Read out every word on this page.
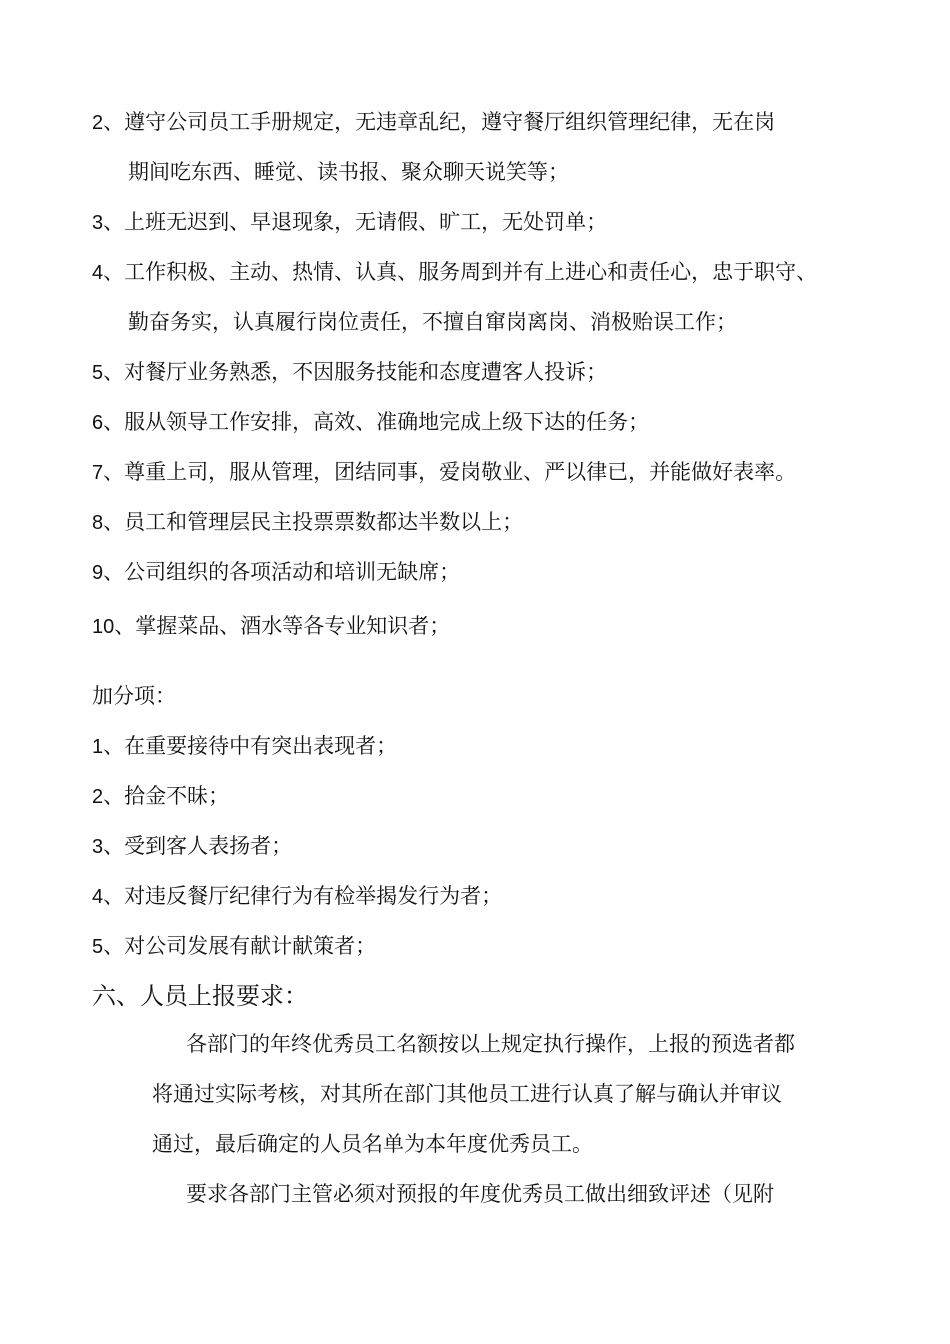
2、遵守公司员工手册规定，无违章乱纪，遵守餐厅组织管理纪律，无在岗
期间吃东西、睡觉、读书报、聚众聊天说笑等；
3、上班无迟到、早退现象，无请假、旷工，无处罚单；
4、工作积极、主动、热情、认真、服务周到并有上进心和责任心，忠于职守、
勤奋务实，认真履行岗位责任，不擅自窜岗离岗、消极贻误工作；
5、对餐厅业务熟悉，不因服务技能和态度遭客人投诉；
6、服从领导工作安排，高效、准确地完成上级下达的任务；
7、尊重上司，服从管理，团结同事，爱岗敬业、严以律已，并能做好表率。
8、员工和管理层民主投票票数都达半数以上；
9、公司组织的各项活动和培训无缺席；
10、掌握菜品、酒水等各专业知识者；
加分项：
1、在重要接待中有突出表现者；
2、拾金不昧；
3、受到客人表扬者；
4、对违反餐厅纪律行为有检举揭发行为者；
5、对公司发展有献计献策者；
六、人员上报要求：
各部门的年终优秀员工名额按以上规定执行操作，上报的预选者都
将通过实际考核，对其所在部门其他员工进行认真了解与确认并审议
通过，最后确定的人员名单为本年度优秀员工。
要求各部门主管必须对预报的年度优秀员工做出细致评述（见附
